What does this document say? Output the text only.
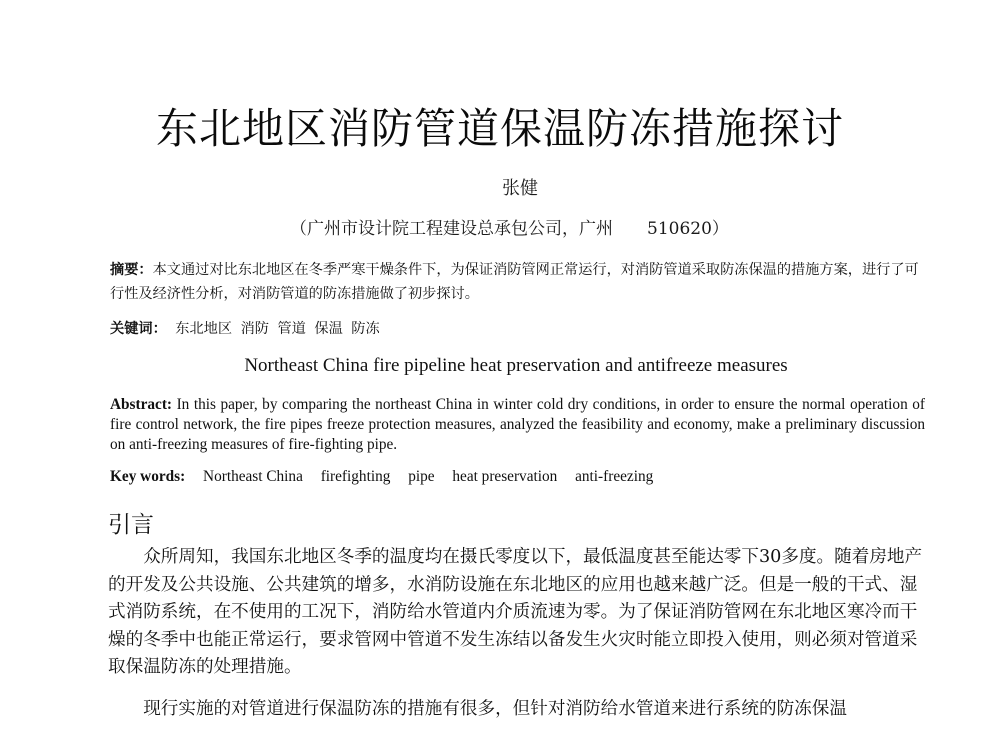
东北地区消防管道保温防冻措施探讨
张健
（广州市设计院工程建设总承包公司，广州 510620）
摘要：本文通过对比东北地区在冬季严寒干燥条件下，为保证消防管网正常运行，对消防管道采取防冻保温的措施方案，进行了可行性及经济性分析，对消防管道的防冻措施做了初步探讨。
关键词： 东北地区 消防 管道 保温 防冻
Northeast China fire pipeline heat preservation and antifreeze measures
Abstract: In this paper, by comparing the northeast China in winter cold dry conditions, in order to ensure the normal operation of fire control network, the fire pipes freeze protection measures, analyzed the feasibility and economy, make a preliminary discussion on anti-freezing measures of fire-fighting pipe.
Key words: Northeast China firefighting pipe heat preservation anti-freezing
引言

众所周知，我国东北地区冬季的温度均在摄氏零度以下，最低温度甚至能达零下30多度。随着房地产的开发及公共设施、公共建筑的增多，水消防设施在东北地区的应用也越来越广泛。但是一般的干式、湿式消防系统，在不使用的工况下，消防给水管道内介质流速为零。为了保证消防管网在东北地区寒冷而干燥的冬季中也能正常运行，要求管网中管道不发生冻结以备发生火灾时能立即投入使用，则必须对管道采取保温防冻的处理措施。

现行实施的对管道进行保温防冻的措施有很多，但针对消防给水管道来进行系统的防冻保温
